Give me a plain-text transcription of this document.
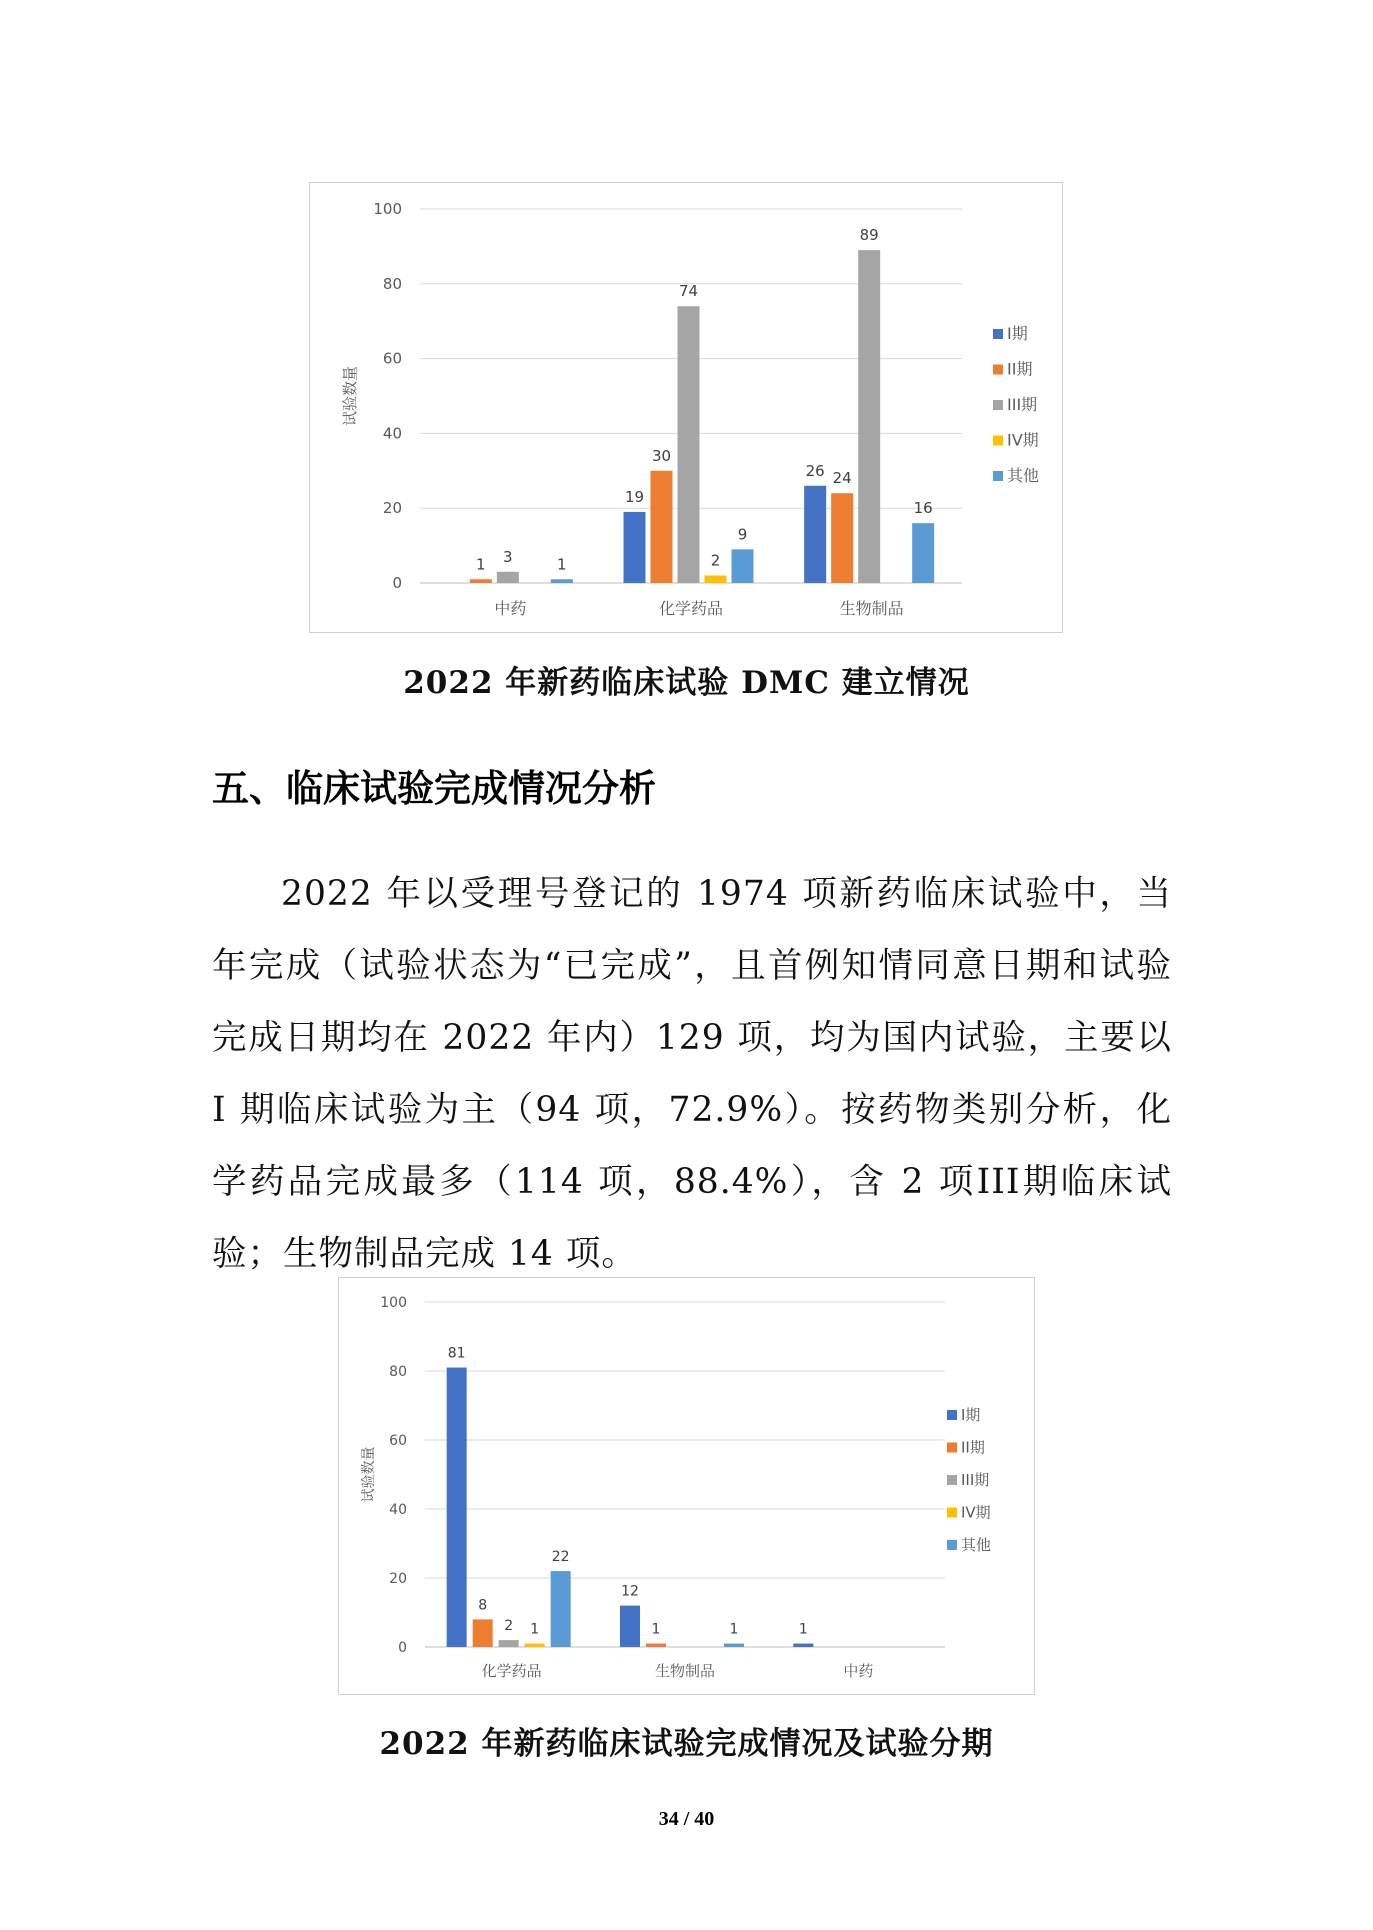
0
20
40
60
80
100
试验数量
1 3	1
中药
19
30
74
2
9
化学药品
26 24
89
16
生物制品
I期
II期
III期
IV期
其他
2022 年新药临床试验 DMC 建立情况
五、临床试验完成情况分析
2022 年以受理号登记的 1974 项新药临床试验中，当年完成（试验状态为“已完成”，且首例知情同意日期和试验完成日期均在 2022 年内）129 项，均为国内试验，主要以 I 期临床试验为主（94 项，72.9%）。按药物类别分析，化学药品完成最多（114 项，88.4%），含 2 项III期临床试验；生物制品完成 14 项。
0
20
40
60
80
100
试验数量
81
8
2 1
22
化学药品
12
1	1
生物制品
1
中药
I期
II期
III期
IV期
其他
2022 年新药临床试验完成情况及试验分期
34 / 40
